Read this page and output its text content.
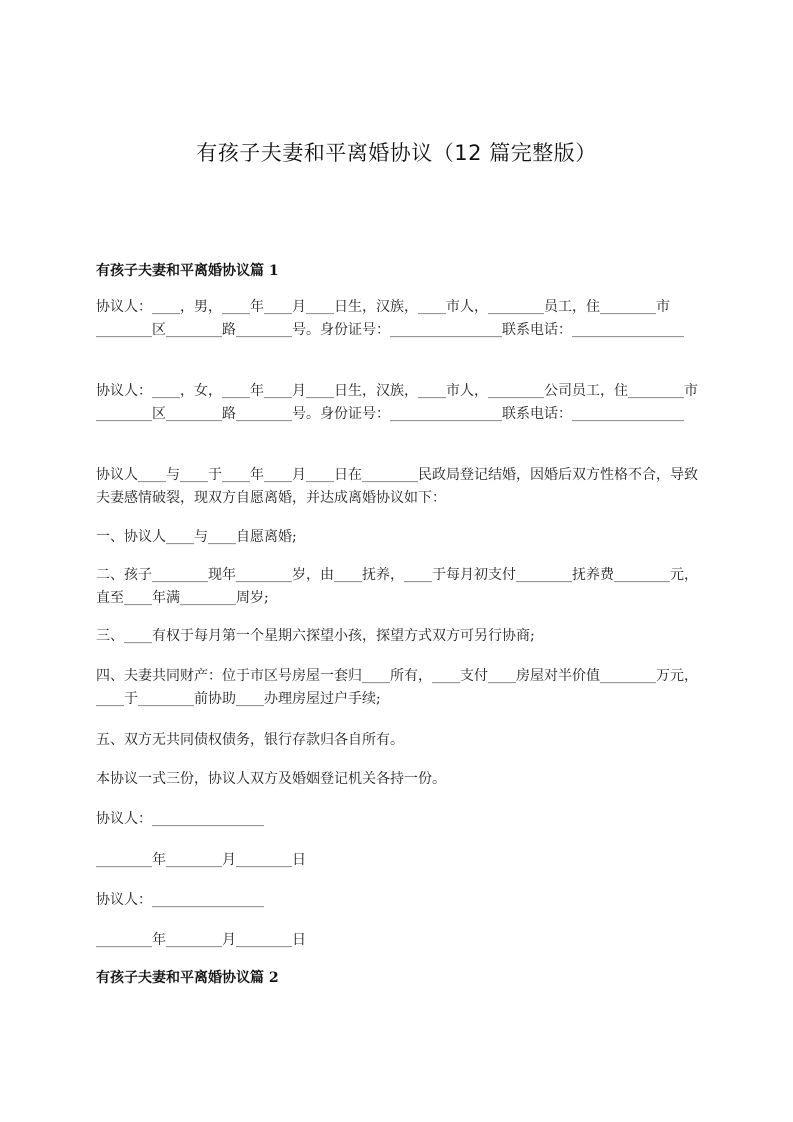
有孩子夫妻和平离婚协议（12 篇完整版）
有孩子夫妻和平离婚协议篇 1
协议人：____，男，____年____月____日生，汉族，____市人，________员工，住________市________区________路________号。身份证号：________________联系电话：________________
协议人：____，女，____年____月____日生，汉族，____市人，________公司员工，住________市________区________路________号。身份证号：________________联系电话：________________
协议人____与____于____年____月____日在________民政局登记结婚，因婚后双方性格不合，导致夫妻感情破裂，现双方自愿离婚，并达成离婚协议如下：
一、协议人____与____自愿离婚;
二、孩子________现年________岁，由____抚养，____于每月初支付________抚养费________元，直至____年满________周岁;
三、____有权于每月第一个星期六探望小孩，探望方式双方可另行协商;
四、夫妻共同财产：位于市区号房屋一套归____所有，____支付____房屋对半价值________万元，____于________前协助____办理房屋过户手续;
五、双方无共同债权债务，银行存款归各自所有。
本协议一式三份，协议人双方及婚姻登记机关各持一份。
协议人：________________
________年________月________日
协议人：________________
________年________月________日
有孩子夫妻和平离婚协议篇 2
